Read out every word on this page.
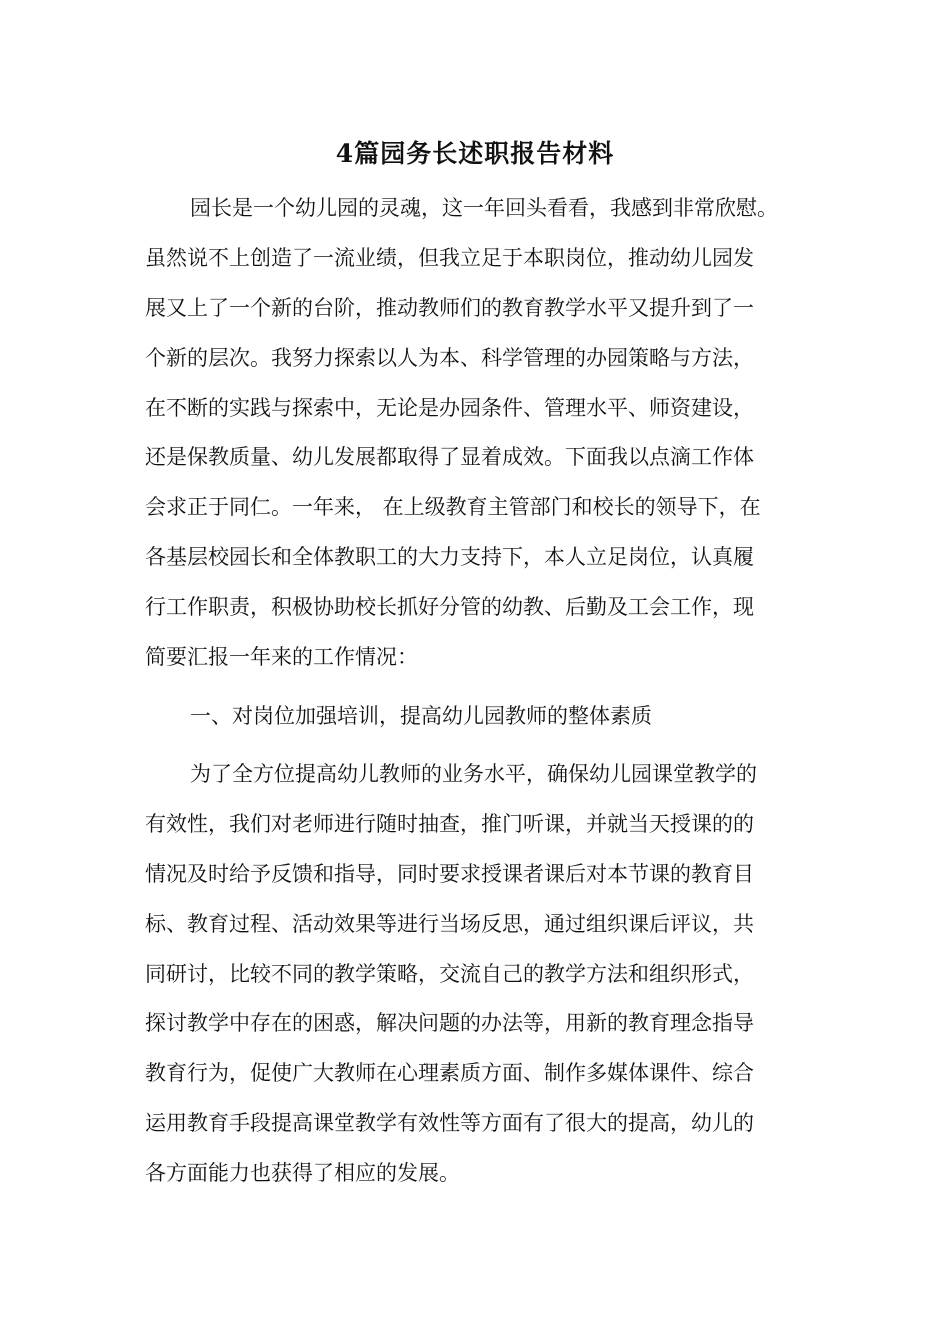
4篇园务长述职报告材料
园长是一个幼儿园的灵魂，这一年回头看看，我感到非常欣慰。
虽然说不上创造了一流业绩，但我立足于本职岗位，推动幼儿园发
展又上了一个新的台阶，推动教师们的教育教学水平又提升到了一
个新的层次。我努力探索以人为本、科学管理的办园策略与方法，
在不断的实践与探索中，无论是办园条件、管理水平、师资建设，
还是保教质量、幼儿发展都取得了显着成效。下面我以点滴工作体
会求正于同仁。一年来， 在上级教育主管部门和校长的领导下，在
各基层校园长和全体教职工的大力支持下，本人立足岗位，认真履
行工作职责，积极协助校长抓好分管的幼教、后勤及工会工作，现
简要汇报一年来的工作情况：
一、对岗位加强培训，提高幼儿园教师的整体素质
为了全方位提高幼儿教师的业务水平，确保幼儿园课堂教学的
有效性，我们对老师进行随时抽查，推门听课，并就当天授课的的
情况及时给予反馈和指导，同时要求授课者课后对本节课的教育目
标、教育过程、活动效果等进行当场反思，通过组织课后评议，共
同研讨，比较不同的教学策略，交流自己的教学方法和组织形式，
探讨教学中存在的困惑，解决问题的办法等，用新的教育理念指导
教育行为，促使广大教师在心理素质方面、制作多媒体课件、综合
运用教育手段提高课堂教学有效性等方面有了很大的提高，幼儿的
各方面能力也获得了相应的发展。
